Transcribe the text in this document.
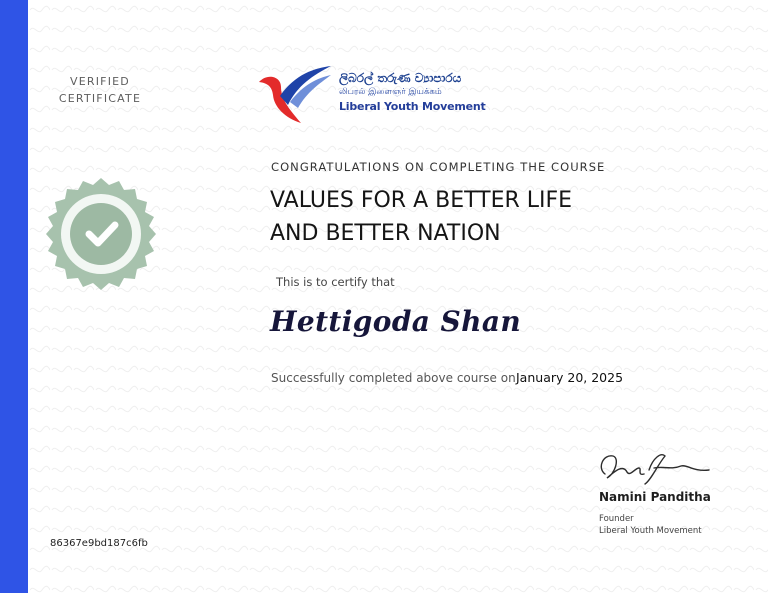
VERIFIED
CERTIFICATE
ලිබරල් තරුණ ව්‍යාපාරය
லிபரல் இளைஞர் இயக்கம்
Liberal Youth Movement
CONGRATULATIONS ON COMPLETING THE COURSE
VALUES FOR A BETTER LIFE
AND BETTER NATION
This is to certify that
Hettigoda Shan
Successfully completed above course on January 20, 2025
Namini Panditha
Founder
Liberal Youth Movement
86367e9bd187c6fb
